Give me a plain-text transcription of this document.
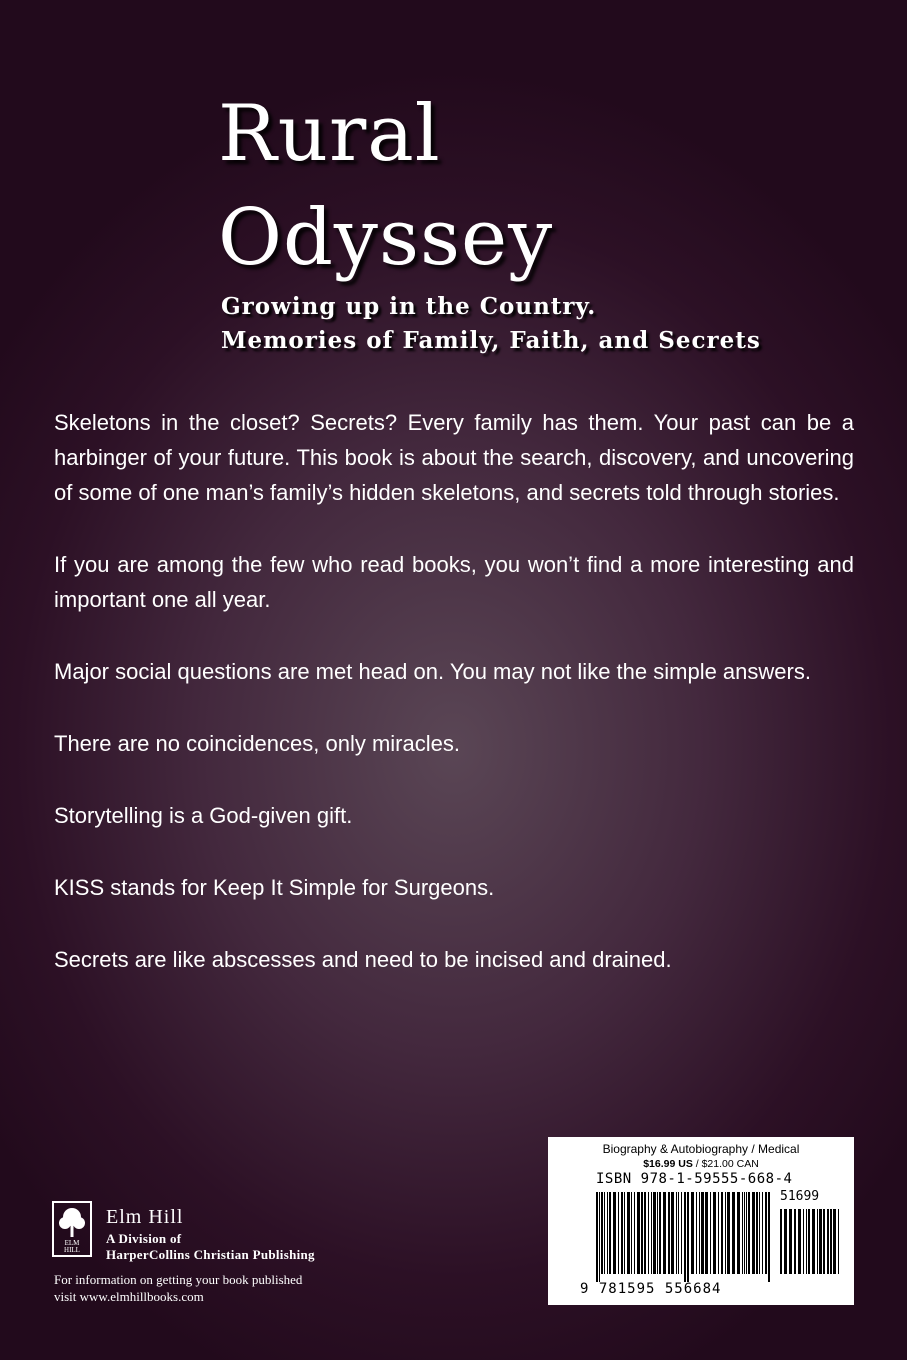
Rural
Odyssey
Growing up in the Country.
Memories of Family, Faith, and Secrets

Skeletons in the closet? Secrets? Every family has them. Your past can be a harbinger of your future. This book is about the search, discovery, and uncovering of some of one man’s family’s hidden skeletons, and secrets told through stories.

If you are among the few who read books, you won’t find a more interesting and important one all year.

Major social questions are met head on. You may not like the simple answers.

There are no coincidences, only miracles.

Storytelling is a God-given gift.

KISS stands for Keep It Simple for Surgeons.

Secrets are like abscesses and need to be incised and drained.

ELM
HILL
Elm Hill
A Division of
HarperCollins Christian Publishing
For information on getting your book published
visit www.elmhillbooks.com
Biography & Autobiography / Medical
$16.99 US / $21.00 CAN
ISBN 978-1-59555-668-4
51699
9 781595 556684
